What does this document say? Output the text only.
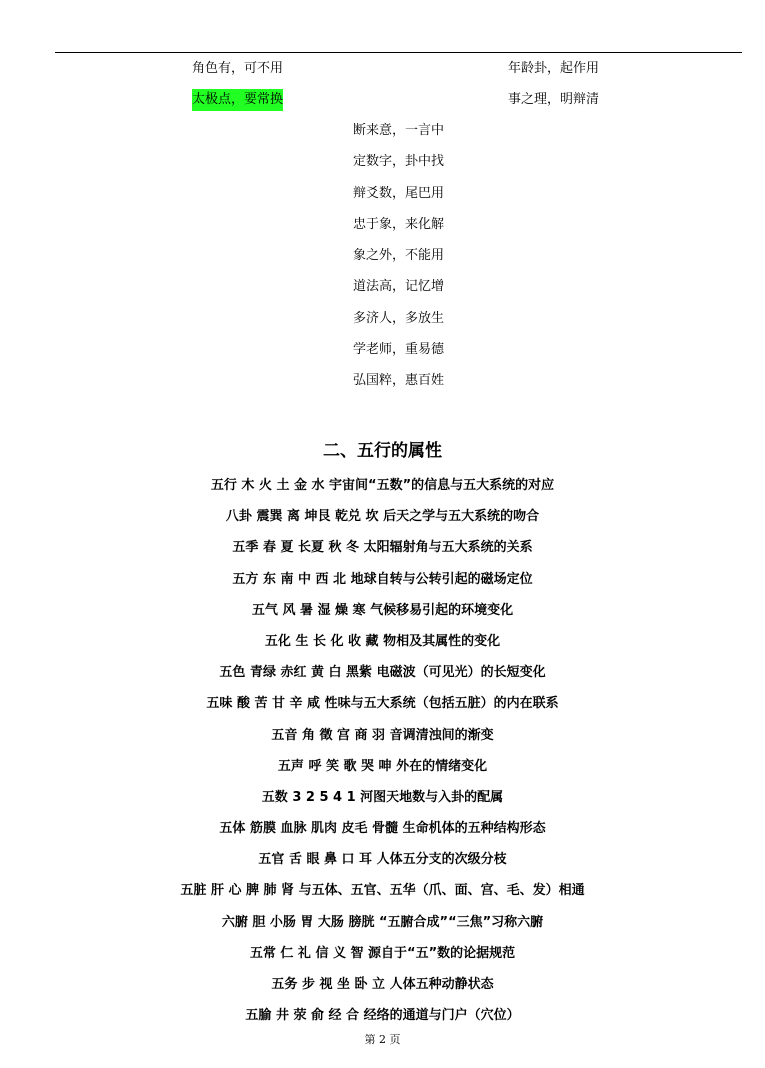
角色有，可不用	年龄卦，起作用
太极点，要常换	事之理，明辩清
断来意，一言中
定数字，卦中找
辩爻数，尾巴用
忠于象，来化解
象之外，不能用
道法高，记忆增
多济人，多放生
学老师，重易德
弘国粹，惠百姓
二、五行的属性
五行 木 火 土 金 水 宇宙间“五数”的信息与五大系统的对应
八卦 震巽 离 坤艮 乾兑 坎 后天之学与五大系统的吻合
五季 春 夏 长夏 秋 冬 太阳辐射角与五大系统的关系
五方 东 南 中 西 北 地球自转与公转引起的磁场定位
五气 风 暑 湿 燥 寒 气候移易引起的环境变化
五化 生 长 化 收 藏 物相及其属性的变化
五色 青绿 赤红 黄 白 黑紫 电磁波（可见光）的长短变化
五味 酸 苦 甘 辛 咸 性味与五大系统（包括五脏）的内在联系
五音 角 徵 宫 商 羽 音调清浊间的渐变
五声 呼 笑 歌 哭 呻 外在的情绪变化
五数 3 2 5 4 1 河图天地数与入卦的配属
五体 筋膜 血脉 肌肉 皮毛 骨髓 生命机体的五种结构形态
五官 舌 眼 鼻 口 耳 人体五分支的次级分枝
五脏 肝 心 脾 肺 肾 与五体、五官、五华（爪、面、宫、毛、发）相通
六腑 胆 小肠 胃 大肠 膀胱 “五腑合成”“三焦”习称六腑
五常 仁 礼 信 义 智 源自于“五”数的论据规范
五务 步 视 坐 卧 立 人体五种动静状态
五腧 井 荥 俞 经 合 经络的通道与门户（穴位）
第 2 页
